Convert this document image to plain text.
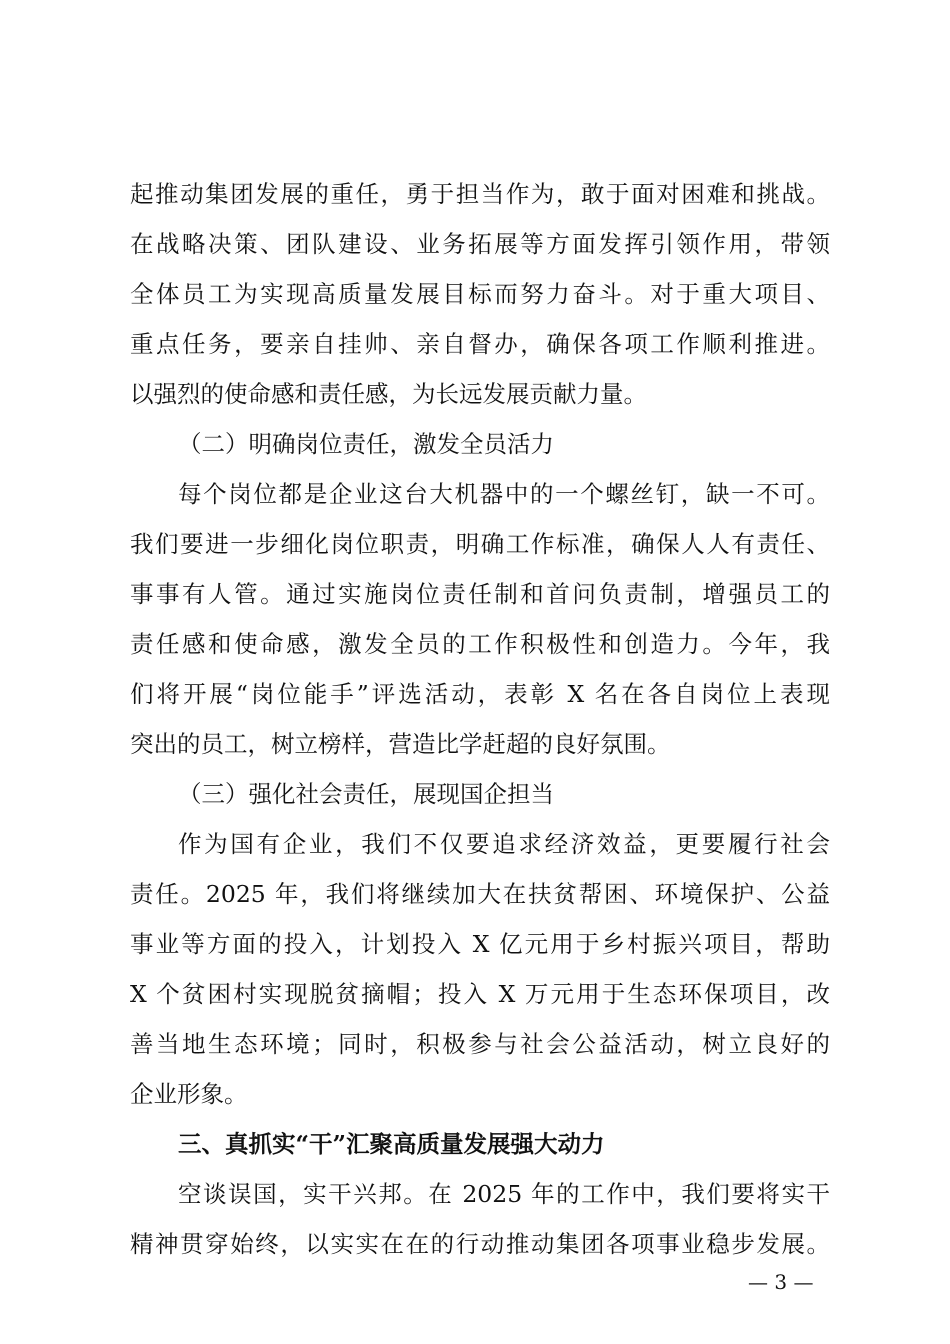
起推动集团发展的重任，勇于担当作为，敢于面对困难和挑战。
在战略决策、团队建设、业务拓展等方面发挥引领作用，带领
全体员工为实现高质量发展目标而努力奋斗。对于重大项目、
重点任务，要亲自挂帅、亲自督办，确保各项工作顺利推进。
以强烈的使命感和责任感，为长远发展贡献力量。
（二）明确岗位责任，激发全员活力
每个岗位都是企业这台大机器中的一个螺丝钉，缺一不可。
我们要进一步细化岗位职责，明确工作标准，确保人人有责任、
事事有人管。通过实施岗位责任制和首问负责制，增强员工的
责任感和使命感，激发全员的工作积极性和创造力。今年，我
们将开展“岗位能手”评选活动，表彰 X 名在各自岗位上表现
突出的员工，树立榜样，营造比学赶超的良好氛围。
（三）强化社会责任，展现国企担当
作为国有企业，我们不仅要追求经济效益，更要履行社会
责任。2025 年，我们将继续加大在扶贫帮困、环境保护、公益
事业等方面的投入，计划投入 X 亿元用于乡村振兴项目，帮助
X 个贫困村实现脱贫摘帽；投入 X 万元用于生态环保项目，改
善当地生态环境；同时，积极参与社会公益活动，树立良好的
企业形象。
三、真抓实“干”汇聚高质量发展强大动力
空谈误国，实干兴邦。在 2025 年的工作中，我们要将实干
精神贯穿始终，以实实在在的行动推动集团各项事业稳步发展。
— 3 —
